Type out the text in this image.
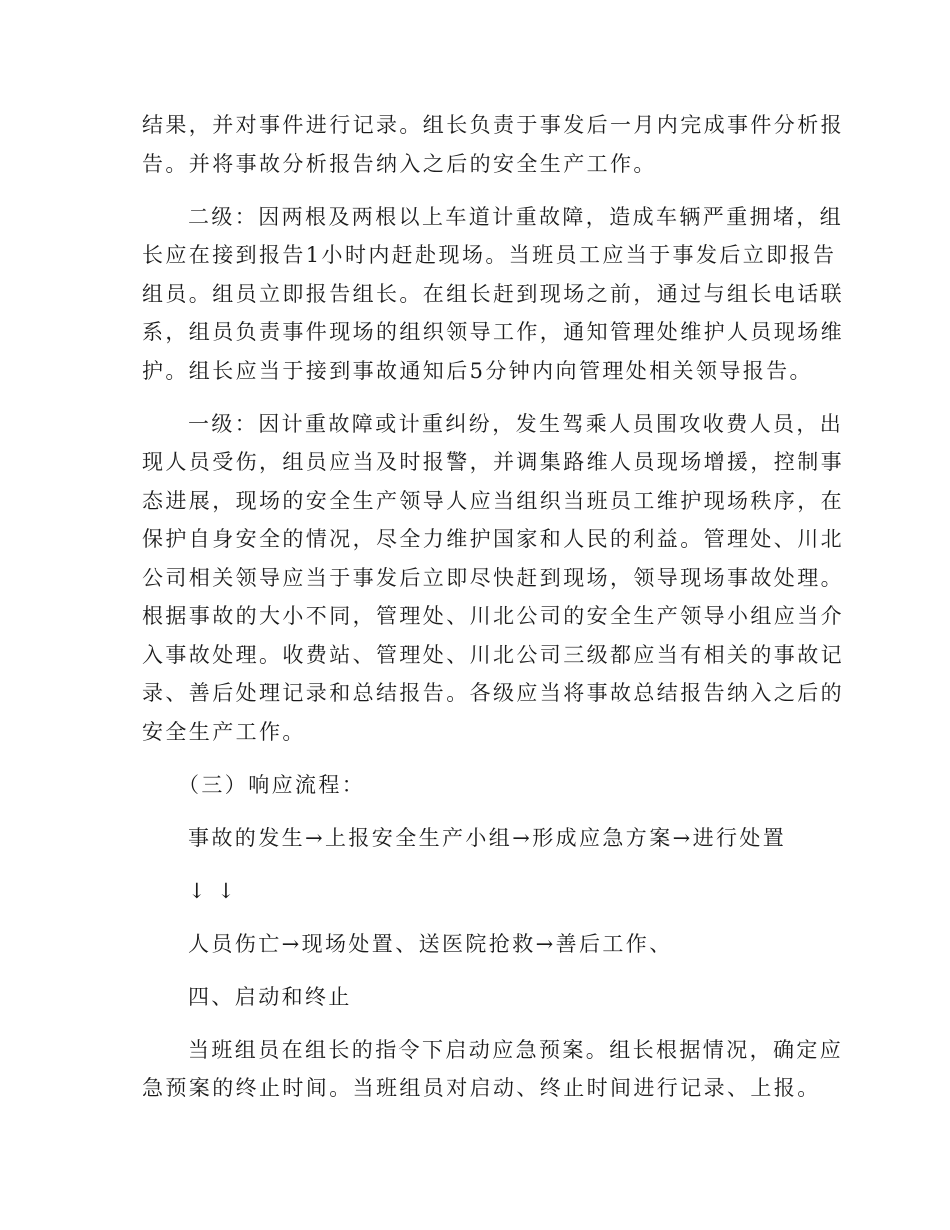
结果，并对事件进行记录。组长负责于事发后一月内完成事件分析报
告。并将事故分析报告纳入之后的安全生产工作。
二级：因两根及两根以上车道计重故障，造成车辆严重拥堵，组
长应在接到报告1小时内赶赴现场。当班员工应当于事发后立即报告
组员。组员立即报告组长。在组长赶到现场之前，通过与组长电话联
系，组员负责事件现场的组织领导工作，通知管理处维护人员现场维
护。组长应当于接到事故通知后5分钟内向管理处相关领导报告。
一级：因计重故障或计重纠纷，发生驾乘人员围攻收费人员，出
现人员受伤，组员应当及时报警，并调集路维人员现场增援，控制事
态进展，现场的安全生产领导人应当组织当班员工维护现场秩序，在
保护自身安全的情况，尽全力维护国家和人民的利益。管理处、川北
公司相关领导应当于事发后立即尽快赶到现场，领导现场事故处理。
根据事故的大小不同，管理处、川北公司的安全生产领导小组应当介
入事故处理。收费站、管理处、川北公司三级都应当有相关的事故记
录、善后处理记录和总结报告。各级应当将事故总结报告纳入之后的
安全生产工作。
（三）响应流程：
事故的发生→上报安全生产小组→形成应急方案→进行处置
↓ ↓
人员伤亡→现场处置、送医院抢救→善后工作、
四、启动和终止
当班组员在组长的指令下启动应急预案。组长根据情况，确定应
急预案的终止时间。当班组员对启动、终止时间进行记录、上报。
